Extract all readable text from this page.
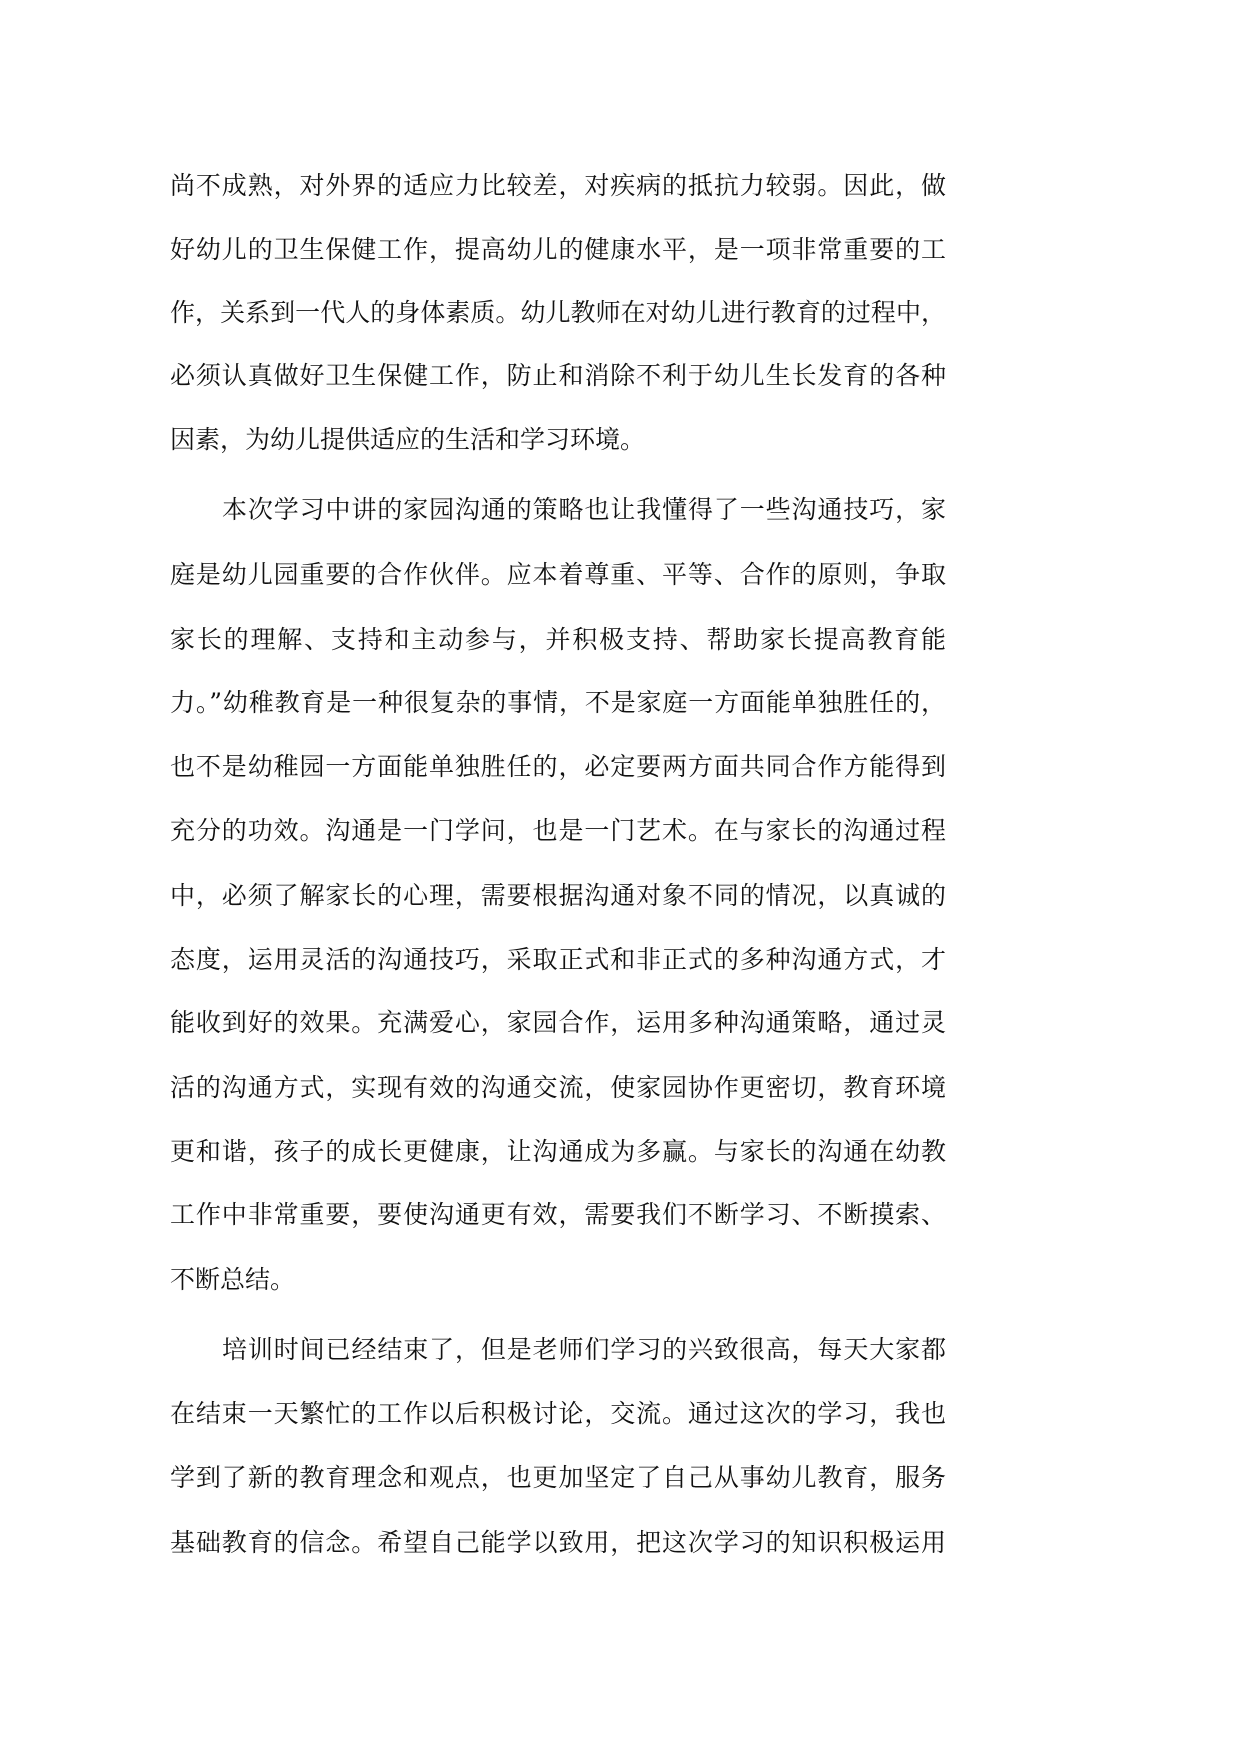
尚不成熟，对外界的适应力比较差，对疾病的抵抗力较弱。因此，做
好幼儿的卫生保健工作，提高幼儿的健康水平，是一项非常重要的工
作，关系到一代人的身体素质。幼儿教师在对幼儿进行教育的过程中，
必须认真做好卫生保健工作，防止和消除不利于幼儿生长发育的各种
因素，为幼儿提供适应的生活和学习环境。
本次学习中讲的家园沟通的策略也让我懂得了一些沟通技巧，家
庭是幼儿园重要的合作伙伴。应本着尊重、平等、合作的原则，争取
家长的理解、支持和主动参与，并积极支持、帮助家长提高教育能
力。”幼稚教育是一种很复杂的事情，不是家庭一方面能单独胜任的，
也不是幼稚园一方面能单独胜任的，必定要两方面共同合作方能得到
充分的功效。沟通是一门学问，也是一门艺术。在与家长的沟通过程
中，必须了解家长的心理，需要根据沟通对象不同的情况，以真诚的
态度，运用灵活的沟通技巧，采取正式和非正式的多种沟通方式，才
能收到好的效果。充满爱心，家园合作，运用多种沟通策略，通过灵
活的沟通方式，实现有效的沟通交流，使家园协作更密切，教育环境
更和谐，孩子的成长更健康，让沟通成为多赢。与家长的沟通在幼教
工作中非常重要，要使沟通更有效，需要我们不断学习、不断摸索、
不断总结。
培训时间已经结束了，但是老师们学习的兴致很高，每天大家都
在结束一天繁忙的工作以后积极讨论，交流。通过这次的学习，我也
学到了新的教育理念和观点，也更加坚定了自己从事幼儿教育，服务
基础教育的信念。希望自己能学以致用，把这次学习的知识积极运用
